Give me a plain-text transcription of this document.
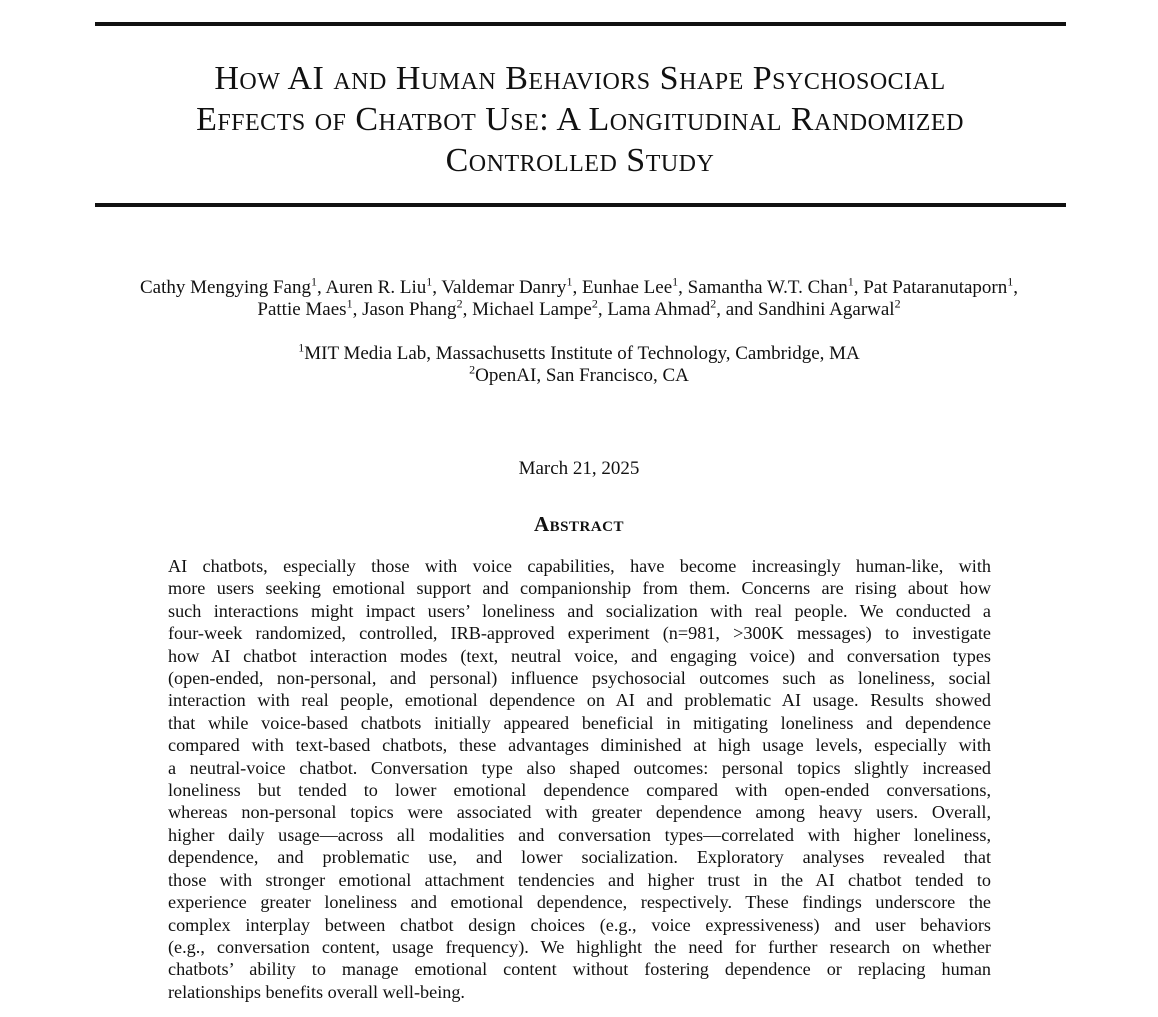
How AI and Human Behaviors Shape Psychosocial
Effects of Chatbot Use: A Longitudinal Randomized
Controlled Study
Cathy Mengying Fang$^1$, Auren R. Liu$^1$, Valdemar Danry$^1$, Eunhae Lee$^1$, Samantha W.T. Chan$^1$, Pat Pataranutaporn$^1$,
Pattie Maes$^1$, Jason Phang$^2$, Michael Lampe$^2$, Lama Ahmad$^2$, and Sandhini Agarwal$^2$
$^1$MIT Media Lab, Massachusetts Institute of Technology, Cambridge, MA
$^2$OpenAI, San Francisco, CA
March 21, 2025
Abstract
AI chatbots, especially those with voice capabilities, have become increasingly human-like, with
more users seeking emotional support and companionship from them. Concerns are rising about how
such interactions might impact users’ loneliness and socialization with real people. We conducted a
four-week randomized, controlled, IRB-approved experiment (n=981, >300K messages) to investigate
how AI chatbot interaction modes (text, neutral voice, and engaging voice) and conversation types
(open-ended, non-personal, and personal) influence psychosocial outcomes such as loneliness, social
interaction with real people, emotional dependence on AI and problematic AI usage. Results showed
that while voice-based chatbots initially appeared beneficial in mitigating loneliness and dependence
compared with text-based chatbots, these advantages diminished at high usage levels, especially with
a neutral-voice chatbot. Conversation type also shaped outcomes: personal topics slightly increased
loneliness but tended to lower emotional dependence compared with open-ended conversations,
whereas non-personal topics were associated with greater dependence among heavy users. Overall,
higher daily usage—across all modalities and conversation types—correlated with higher loneliness,
dependence, and problematic use, and lower socialization. Exploratory analyses revealed that
those with stronger emotional attachment tendencies and higher trust in the AI chatbot tended to
experience greater loneliness and emotional dependence, respectively. These findings underscore the
complex interplay between chatbot design choices (e.g., voice expressiveness) and user behaviors
(e.g., conversation content, usage frequency). We highlight the need for further research on whether
chatbots’ ability to manage emotional content without fostering dependence or replacing human
relationships benefits overall well-being.
